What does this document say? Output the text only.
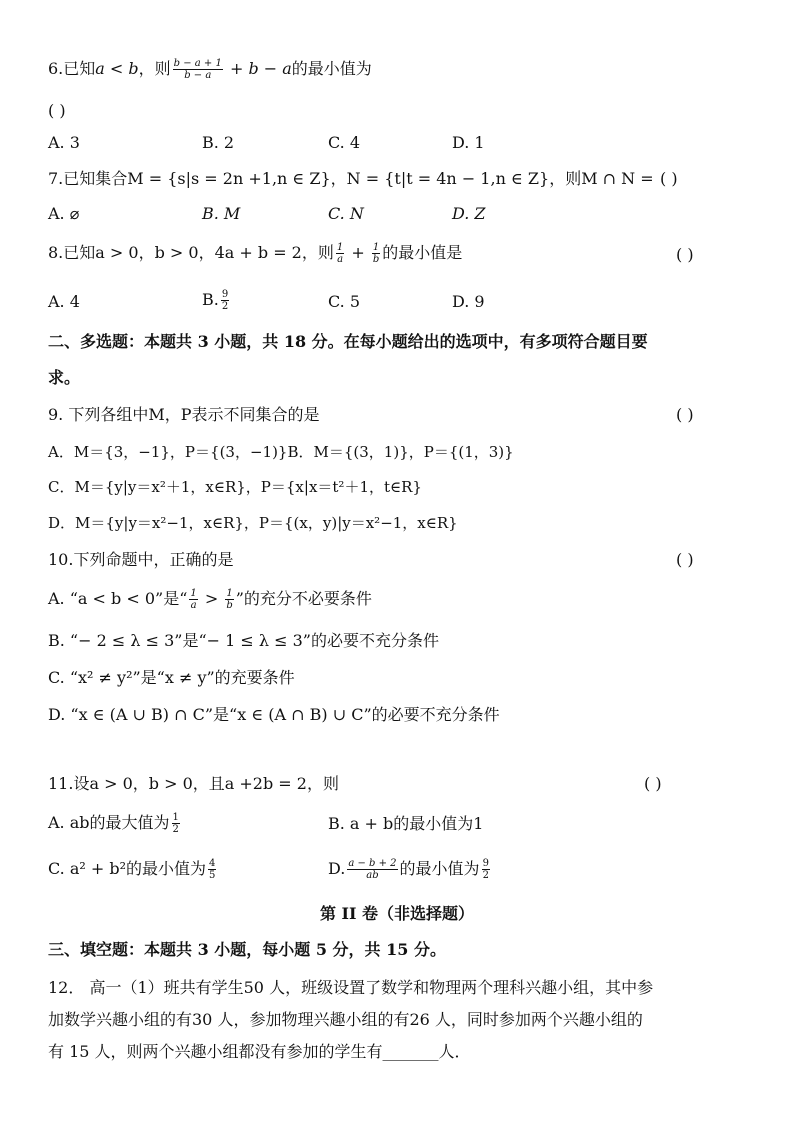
6.已知a < b，则 $\frac{b - a + 1}{b - a} + b - a$的最小值为
( )
A. 3	B. 2	C. 4	D. 1
7.已知集合M = {s|s = 2n +1,n ∈ Z}，N = {t|t = 4n − 1,n ∈ Z}，则M ∩ N = ( )
A. ⌀	B. M	C. N	D. Z
8.已知a > 0，b > 0，4a + b = 2，则 $\frac{1}{a} + \frac{1}{b}$ 的最小值是	( )
A. 4	B. $\frac{9}{2}$	C. 5	D. 9
二、多选题：本题共 3 小题，共 18 分。在每小题给出的选项中，有多项符合题目要
求。
9. 下列各组中M，P表示不同集合的是	( )
A．M＝{3，−1}，P＝{(3，−1)}B．M＝{(3，1)}，P＝{(1，3)}
C．M＝{y|y＝x²＋1，x∈R}，P＝{x|x＝t²＋1，t∈R}
D．M＝{y|y＝x²−1，x∈R}，P＝{(x，y)|y＝x²−1，x∈R}
10.下列命题中，正确的是	( )
A. “a < b < 0”是“ $\frac{1}{a} > \frac{1}{b}$ ”的充分不必要条件
B. “− 2 ≤ λ ≤ 3”是“− 1 ≤ λ ≤ 3”的必要不充分条件
C. “x² ≠ y²”是“x ≠ y”的充要条件
D. “x ∈ (A ∪ B) ∩ C”是“x ∈ (A ∩ B) ∪ C”的必要不充分条件
11.设a > 0，b > 0，且a +2b = 2，则	( )
A. ab的最大值为 $\frac{1}{2}$	B. a + b的最小值为1
C. a² + b²的最小值为 $\frac{4}{5}$	D. $\frac{a - b + 2}{ab}$ 的最小值为 $\frac{9}{2}$
第 II 卷（非选择题）
三、填空题：本题共 3 小题，每小题 5 分，共 15 分。
12． 高一（1）班共有学生50 人，班级设置了数学和物理两个理科兴趣小组，其中参
加数学兴趣小组的有30 人，参加物理兴趣小组的有26 人，同时参加两个兴趣小组的
有 15 人，则两个兴趣小组都没有参加的学生有_______人．
